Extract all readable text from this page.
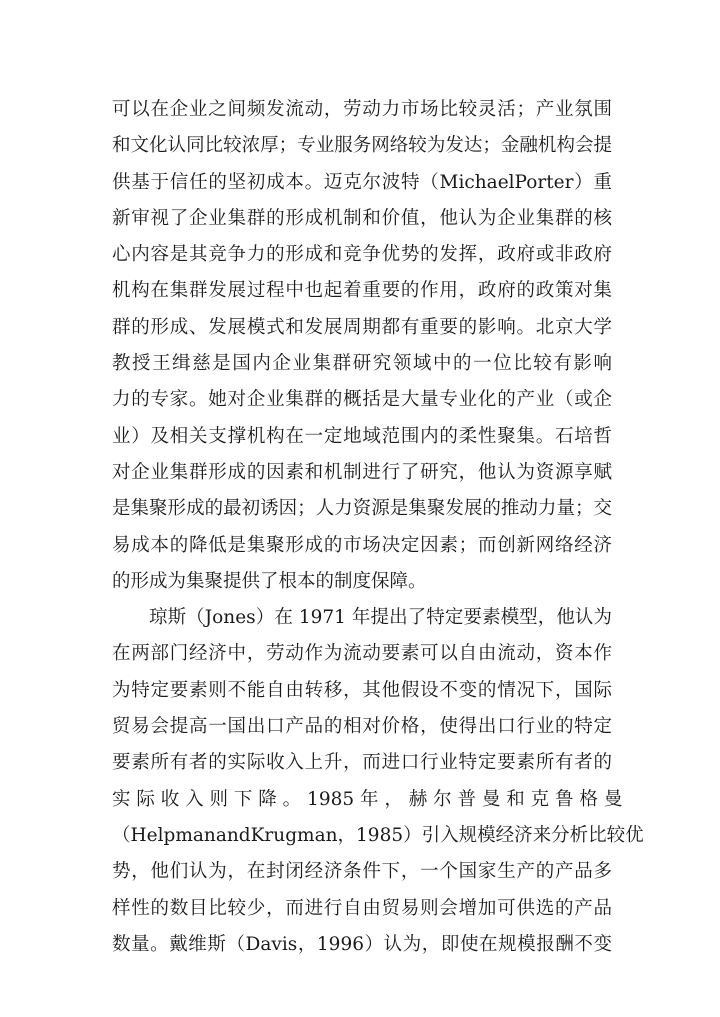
可以在企业之间频发流动，劳动力市场比较灵活；产业氛围
和文化认同比较浓厚；专业服务网络较为发达；金融机构会提
供基于信任的坚初成本。迈克尔波特（MichaelPorter）重
新审视了企业集群的形成机制和价值，他认为企业集群的核
心内容是其竞争力的形成和竞争优势的发挥，政府或非政府
机构在集群发展过程中也起着重要的作用，政府的政策对集
群的形成、发展模式和发展周期都有重要的影响。北京大学
教授王缉慈是国内企业集群研究领域中的一位比较有影响
力的专家。她对企业集群的概括是大量专业化的产业（或企
业）及相关支撑机构在一定地域范围内的柔性聚集。石培哲
对企业集群形成的因素和机制进行了研究，他认为资源享赋
是集聚形成的最初诱因；人力资源是集聚发展的推动力量；交
易成本的降低是集聚形成的市场决定因素；而创新网络经济
的形成为集聚提供了根本的制度保障。
琼斯（Jones）在 1971 年提出了特定要素模型，他认为
在两部门经济中，劳动作为流动要素可以自由流动，资本作
为特定要素则不能自由转移，其他假设不变的情况下，国际
贸易会提高一国出口产品的相对价格，使得出口行业的特定
要素所有者的实际收入上升，而进口行业特定要素所有者的
实 际 收 入 则 下 降 。 1985 年 ， 赫 尔 普 曼 和 克 鲁 格 曼
（HelpmanandKrugman，1985）引入规模经济来分析比较优
势，他们认为，在封闭经济条件下，一个国家生产的产品多
样性的数目比较少，而进行自由贸易则会增加可供选的产品
数量。戴维斯（Davis，1996）认为，即使在规模报酬不变
